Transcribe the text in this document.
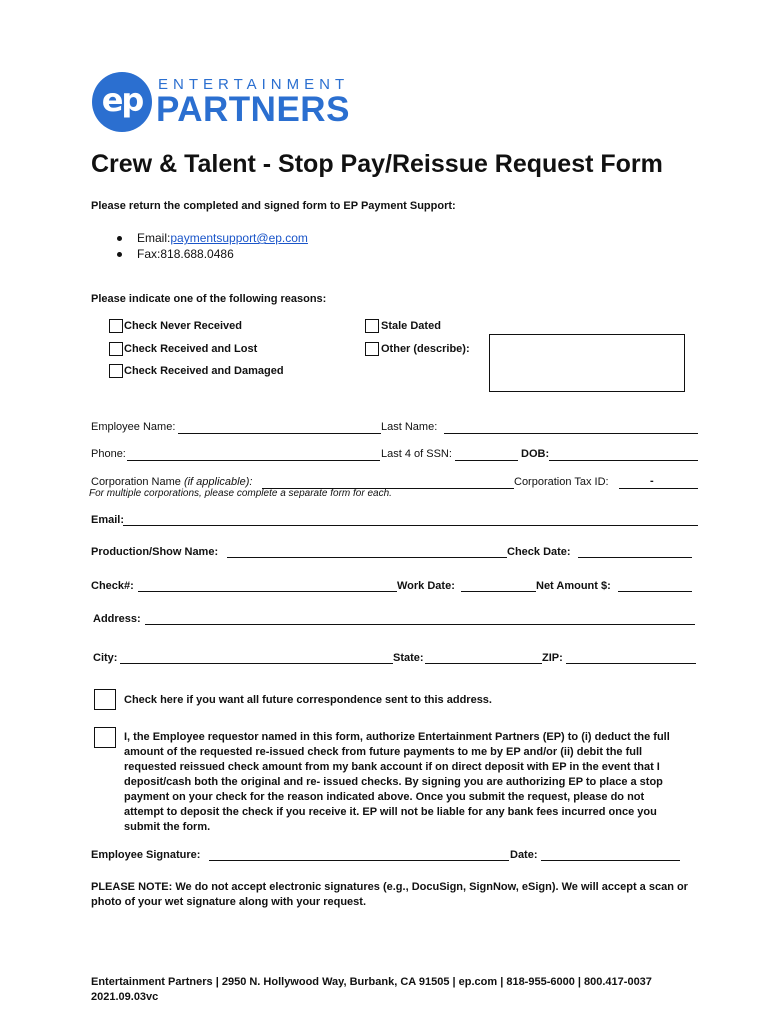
ep	ENTERTAINMENT
PARTNERS
Crew & Talent - Stop Pay/Reissue Request Form
Please return the completed and signed form to EP Payment Support:
Email:paymentsupport@ep.com
Fax:818.688.0486
Please indicate one of the following reasons:
Check Never Received
Check Received and Lost
Check Received and Damaged
Stale Dated
Other (describe):
Employee Name:	Last Name:
Phone:	Last 4 of SSN:	DOB:
Corporation Name (if applicable):	Corporation Tax ID:	-
For multiple corporations, please complete a separate form for each.
Email:
Production/Show Name:	Check Date:
Check#:	Work Date:	Net Amount $:
Address:
City:	State:	ZIP:
Check here if you want all future correspondence sent to this address.
I, the Employee requestor named in this form, authorize Entertainment Partners (EP) to (i) deduct the full amount of the requested re-issued check from future payments to me by EP and/or (ii) debit the full requested reissued check amount from my bank account if on direct deposit with EP in the event that I deposit/cash both the original and re- issued checks. By signing you are authorizing EP to place a stop payment on your check for the reason indicated above. Once you submit the request, please do not attempt to deposit the check if you receive it. EP will not be liable for any bank fees incurred once you submit the form.
Employee Signature:	Date:
PLEASE NOTE: We do not accept electronic signatures (e.g., DocuSign, SignNow, eSign). We will accept a scan or photo of your wet signature along with your request.
Entertainment Partners | 2950 N. Hollywood Way, Burbank, CA 91505 | ep.com | 818-955-6000 | 800.417-0037
2021.09.03vc
